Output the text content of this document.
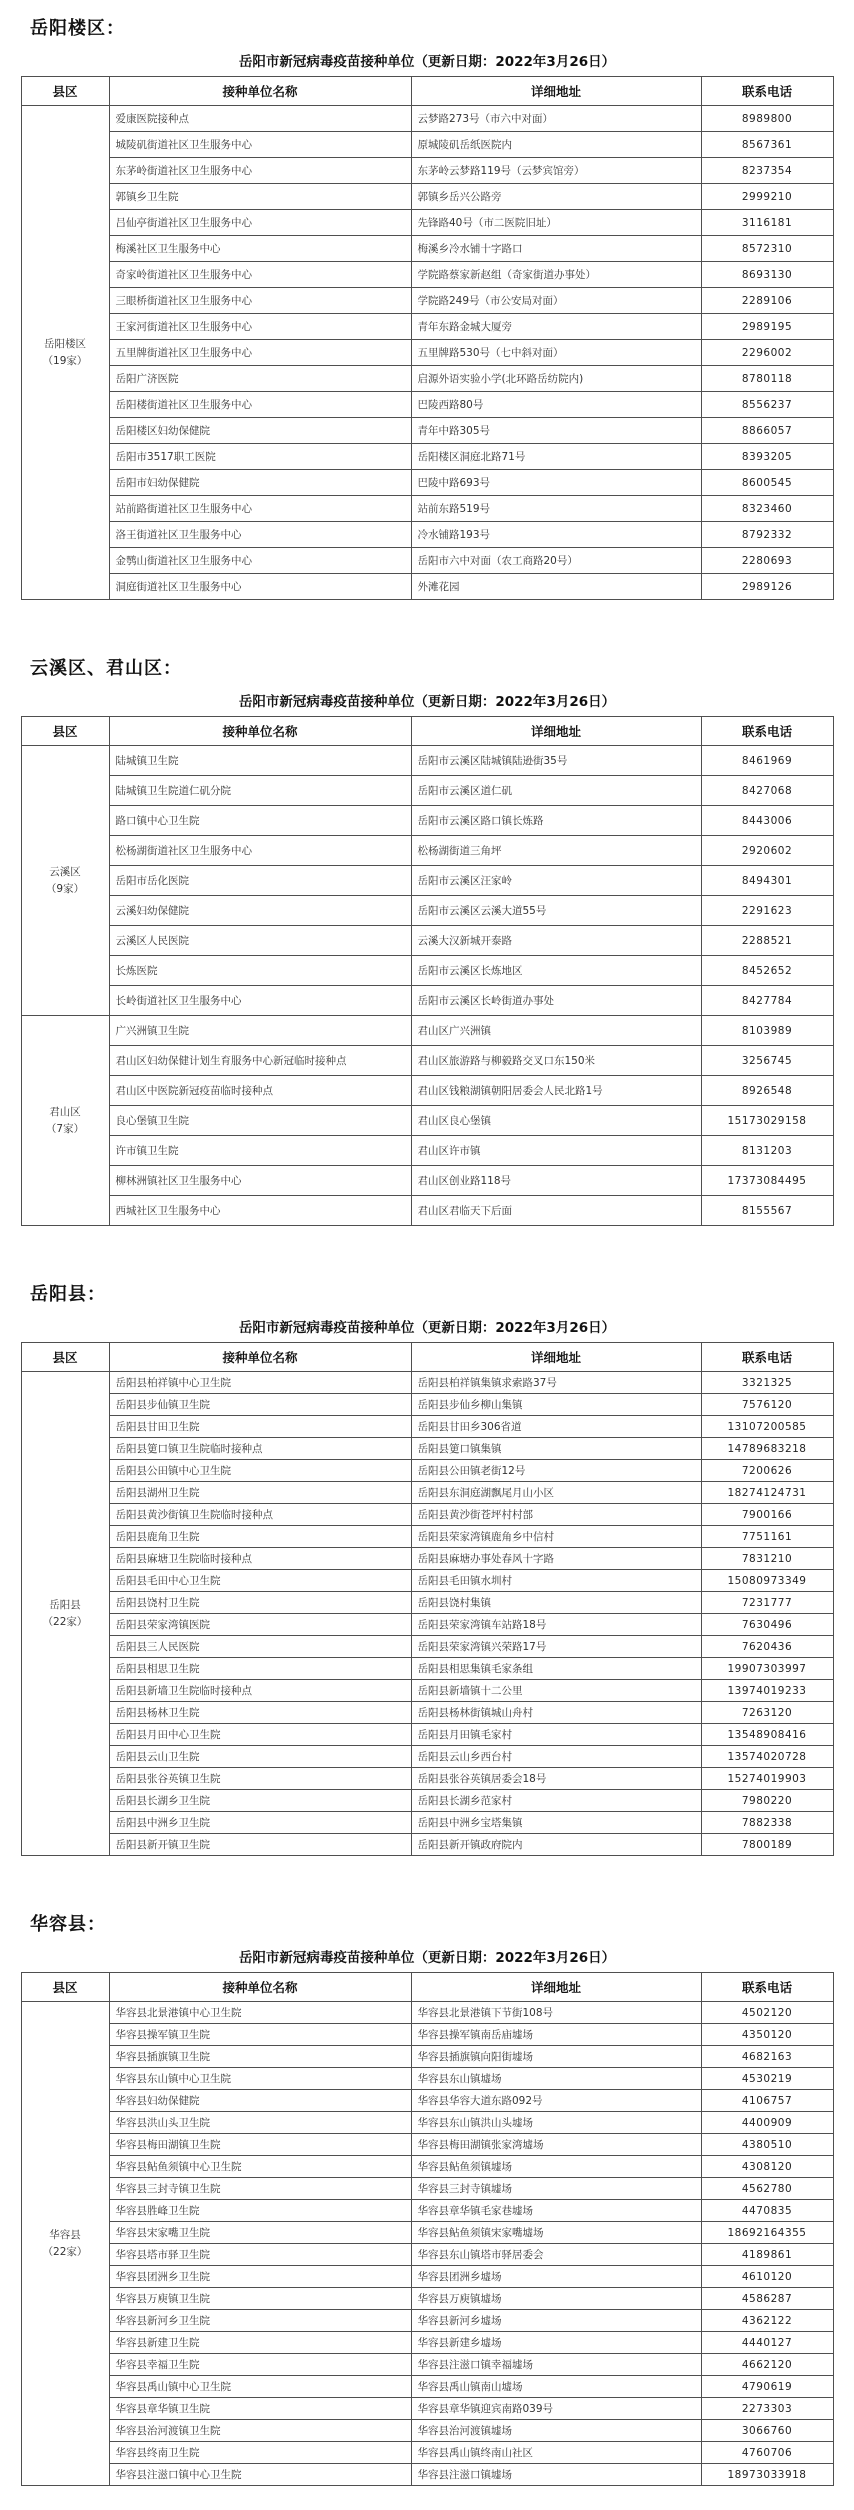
岳阳楼区：
岳阳市新冠病毒疫苗接种单位（更新日期：2022年3月26日）
县区	接种单位名称	详细地址	联系电话

岳阳楼区
（19家）	爱康医院接种点	云梦路273号（市六中对面）	8989800
	城陵矶街道社区卫生服务中心	原城陵矶岳纸医院内	8567361
	东茅岭街道社区卫生服务中心	东茅岭云梦路119号（云梦宾馆旁）	8237354
	郭镇乡卫生院	郭镇乡岳兴公路旁	2999210
	吕仙亭街道社区卫生服务中心	先锋路40号（市二医院旧址）	3116181
	梅溪社区卫生服务中心	梅溪乡冷水铺十字路口	8572310
	奇家岭街道社区卫生服务中心	学院路蔡家新赵组（奇家街道办事处）	8693130
	三眼桥街道社区卫生服务中心	学院路249号（市公安局对面）	2289106
	王家河街道社区卫生服务中心	青年东路金城大厦旁	2989195
	五里牌街道社区卫生服务中心	五里牌路530号（七中斜对面）	2296002
	岳阳广济医院	启源外语实验小学(北环路岳纺院内)	8780118
	岳阳楼街道社区卫生服务中心	巴陵西路80号	8556237
	岳阳楼区妇幼保健院	青年中路305号	8866057
	岳阳市3517职工医院	岳阳楼区洞庭北路71号	8393205
	岳阳市妇幼保健院	巴陵中路693号	8600545
	站前路街道社区卫生服务中心	站前东路519号	8323460
	洛王街道社区卫生服务中心	冷水铺路193号	8792332
	金鹗山街道社区卫生服务中心	岳阳市六中对面（农工商路20号）	2280693
	洞庭街道社区卫生服务中心	外滩花园	2989126
云溪区、君山区：
岳阳市新冠病毒疫苗接种单位（更新日期：2022年3月26日）
县区	接种单位名称	详细地址	联系电话

云溪区
（9家）	陆城镇卫生院	岳阳市云溪区陆城镇陆逊街35号	8461969
	陆城镇卫生院道仁矶分院	岳阳市云溪区道仁矶	8427068
	路口镇中心卫生院	岳阳市云溪区路口镇长炼路	8443006
	松杨湖街道社区卫生服务中心	松杨湖街道三角坪	2920602
	岳阳市岳化医院	岳阳市云溪区汪家岭	8494301
	云溪妇幼保健院	岳阳市云溪区云溪大道55号	2291623
	云溪区人民医院	云溪大汉新城开泰路	2288521
	长炼医院	岳阳市云溪区长炼地区	8452652
	长岭街道社区卫生服务中心	岳阳市云溪区长岭街道办事处	8427784

君山区
（7家）	广兴洲镇卫生院	君山区广兴洲镇	8103989
	君山区妇幼保健计划生育服务中心新冠临时接种点	君山区旅游路与柳毅路交叉口东150米	3256745
	君山区中医院新冠疫苗临时接种点	君山区钱粮湖镇朝阳居委会人民北路1号	8926548
	良心堡镇卫生院	君山区良心堡镇	15173029158
	许市镇卫生院	君山区许市镇	8131203
	柳林洲镇社区卫生服务中心	君山区创业路118号	17373084495
	西城社区卫生服务中心	君山区君临天下后面	8155567
岳阳县：
岳阳市新冠病毒疫苗接种单位（更新日期：2022年3月26日）
县区	接种单位名称	详细地址	联系电话

岳阳县
（22家）	岳阳县柏祥镇中心卫生院	岳阳县柏祥镇集镇求索路37号	3321325
	岳阳县步仙镇卫生院	岳阳县步仙乡柳山集镇	7576120
	岳阳县甘田卫生院	岳阳县甘田乡306省道	13107200585
	岳阳县筻口镇卫生院临时接种点	岳阳县筻口镇集镇	14789683218
	岳阳县公田镇中心卫生院	岳阳县公田镇老街12号	7200626
	岳阳县湖州卫生院	岳阳县东洞庭湖飘尾月山小区	18274124731
	岳阳县黄沙街镇卫生院临时接种点	岳阳县黄沙街苍坪村村部	7900166
	岳阳县鹿角卫生院	岳阳县荣家湾镇鹿角乡中信村	7751161
	岳阳县麻塘卫生院临时接种点	岳阳县麻塘办事处春风十字路	7831210
	岳阳县毛田中心卫生院	岳阳县毛田镇水圳村	15080973349
	岳阳县饶村卫生院	岳阳县饶村集镇	7231777
	岳阳县荣家湾镇医院	岳阳县荣家湾镇车站路18号	7630496
	岳阳县三人民医院	岳阳县荣家湾镇兴荣路17号	7620436
	岳阳县相思卫生院	岳阳县相思集镇毛家条组	19907303997
	岳阳县新墙卫生院临时接种点	岳阳县新墙镇十二公里	13974019233
	岳阳县杨林卫生院	岳阳县杨林街镇城山舟村	7263120
	岳阳县月田中心卫生院	岳阳县月田镇毛家村	13548908416
	岳阳县云山卫生院	岳阳县云山乡西台村	13574020728
	岳阳县张谷英镇卫生院	岳阳县张谷英镇居委会18号	15274019903
	岳阳县长湖乡卫生院	岳阳县长湖乡范家村	7980220
	岳阳县中洲乡卫生院	岳阳县中洲乡宝塔集镇	7882338
	岳阳县新开镇卫生院	岳阳县新开镇政府院内	7800189
华容县：
岳阳市新冠病毒疫苗接种单位（更新日期：2022年3月26日）
县区	接种单位名称	详细地址	联系电话

华容县
（22家）	华容县北景港镇中心卫生院	华容县北景港镇下节街108号	4502120
	华容县操军镇卫生院	华容县操军镇南岳庙墟场	4350120
	华容县插旗镇卫生院	华容县插旗镇向阳街墟场	4682163
	华容县东山镇中心卫生院	华容县东山镇墟场	4530219
	华容县妇幼保健院	华容县华容大道东路092号	4106757
	华容县洪山头卫生院	华容县东山镇洪山头墟场	4400909
	华容县梅田湖镇卫生院	华容县梅田湖镇张家湾墟场	4380510
	华容县鲇鱼须镇中心卫生院	华容县鲇鱼须镇墟场	4308120
	华容县三封寺镇卫生院	华容县三封寺镇墟场	4562780
	华容县胜峰卫生院	华容县章华镇毛家巷墟场	4470835
	华容县宋家嘴卫生院	华容县鲇鱼须镇宋家嘴墟场	18692164355
	华容县塔市驿卫生院	华容县东山镇塔市驿居委会	4189861
	华容县团洲乡卫生院	华容县团洲乡墟场	4610120
	华容县万庾镇卫生院	华容县万庾镇墟场	4586287
	华容县新河乡卫生院	华容县新河乡墟场	4362122
	华容县新建卫生院	华容县新建乡墟场	4440127
	华容县幸福卫生院	华容县注滋口镇幸福墟场	4662120
	华容县禹山镇中心卫生院	华容县禹山镇南山墟场	4790619
	华容县章华镇卫生院	华容县章华镇迎宾南路039号	2273303
	华容县治河渡镇卫生院	华容县治河渡镇墟场	3066760
	华容县终南卫生院	华容县禹山镇终南山社区	4760706
	华容县注滋口镇中心卫生院	华容县注滋口镇墟场	18973033918
